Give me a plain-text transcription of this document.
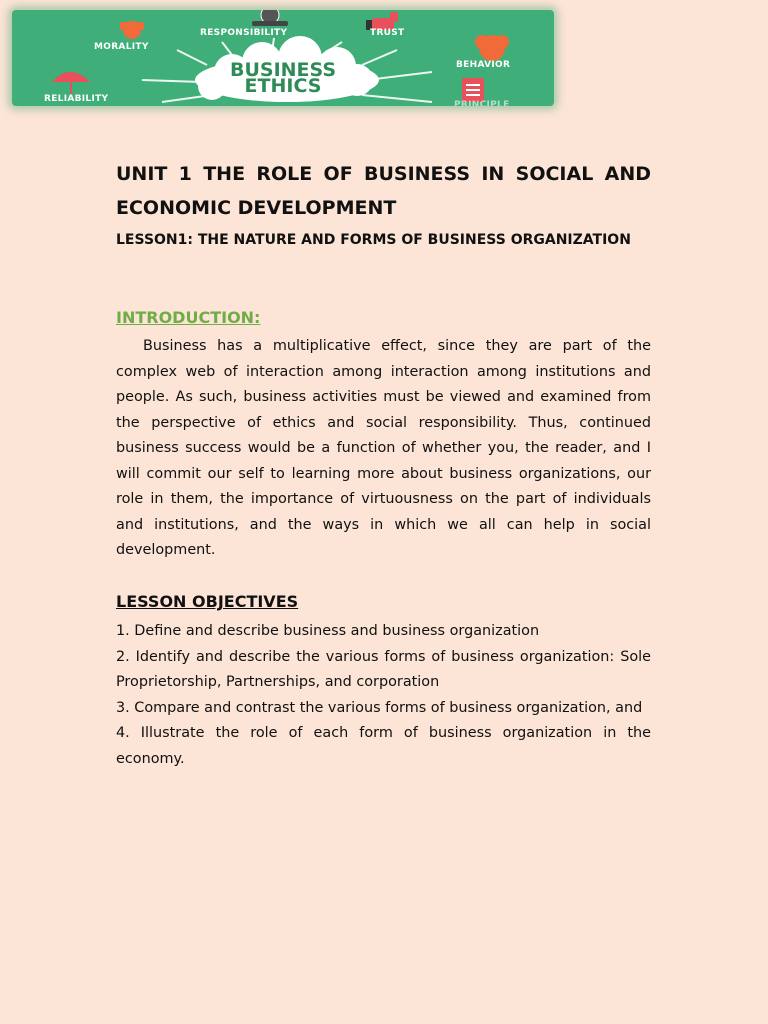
BUSINESS
ETHICS
MORALITY
RESPONSIBILITY	TRUST
BEHAVIOR
RELIABILITY
PRINCIPLE
UNIT 1 THE ROLE OF BUSINESS IN SOCIAL AND ECONOMIC DEVELOPMENT
LESSON1: THE NATURE AND FORMS OF BUSINESS ORGANIZATION
INTRODUCTION:
Business has a multiplicative effect, since they are part of the complex web of interaction among interaction among institutions and people. As such, business activities must be viewed and examined from the perspective of ethics and social responsibility. Thus, continued business success would be a function of whether you, the reader, and I will commit our self to learning more about business organizations, our role in them, the importance of virtuousness on the part of individuals and institutions, and the ways in which we all can help in social development.
LESSON OBJECTIVES
1. Define and describe business and business organization
2. Identify and describe the various forms of business organization: Sole Proprietorship, Partnerships, and corporation
3. Compare and contrast the various forms of business organization, and
4. Illustrate the role of each form of business organization in the economy.
